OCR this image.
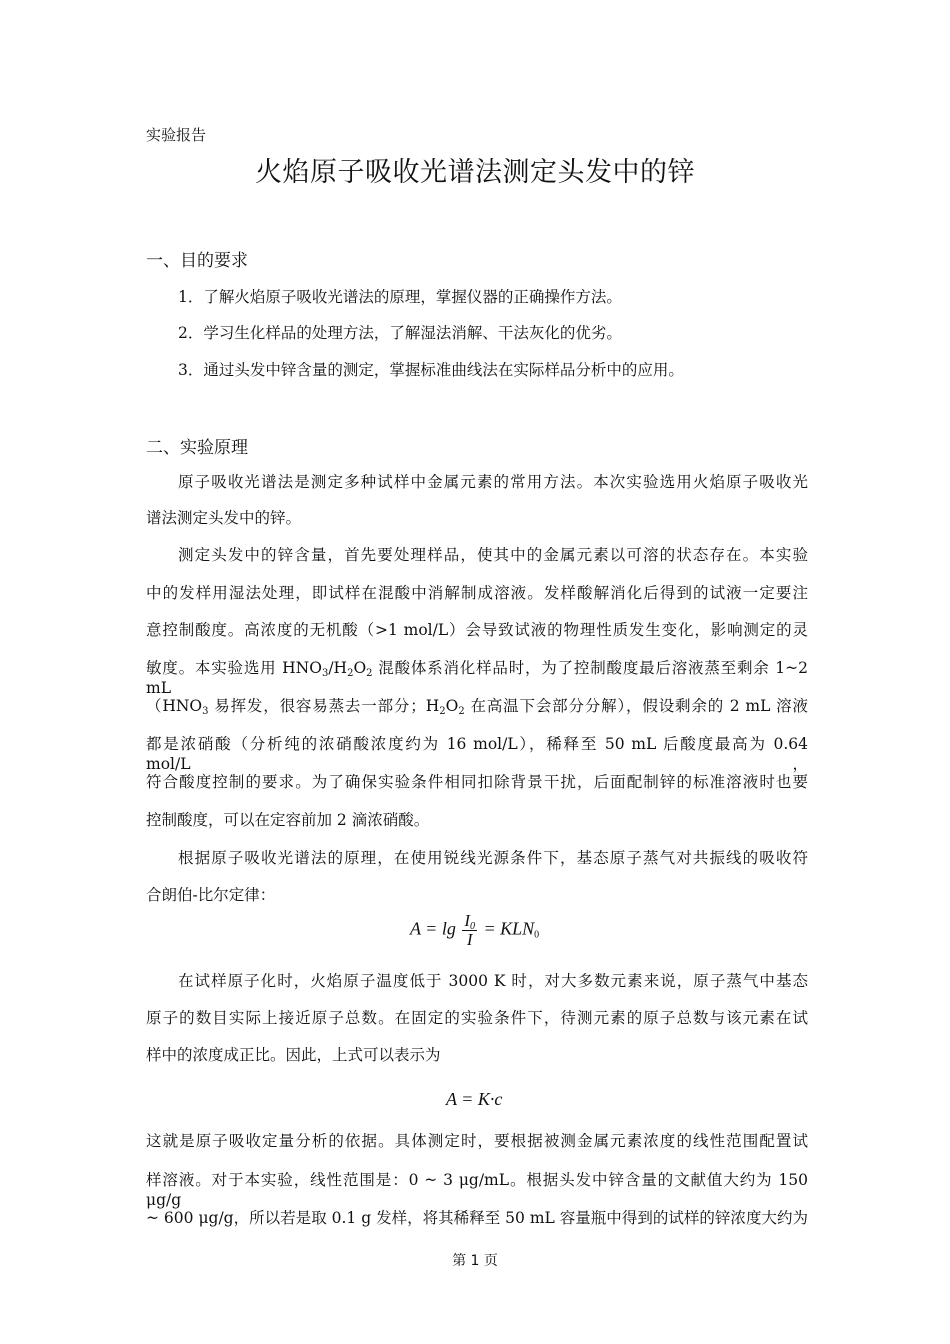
实验报告
火焰原子吸收光谱法测定头发中的锌
一、目的要求
1．了解火焰原子吸收光谱法的原理，掌握仪器的正确操作方法。
2．学习生化样品的处理方法，了解湿法消解、干法灰化的优劣。
3．通过头发中锌含量的测定，掌握标准曲线法在实际样品分析中的应用。
二、实验原理
原子吸收光谱法是测定多种试样中金属元素的常用方法。本次实验选用火焰原子吸收光
谱法测定头发中的锌。
测定头发中的锌含量，首先要处理样品，使其中的金属元素以可溶的状态存在。本实验
中的发样用湿法处理，即试样在混酸中消解制成溶液。发样酸解消化后得到的试液一定要注
意控制酸度。高浓度的无机酸（>1 mol/L）会导致试液的物理性质发生变化，影响测定的灵
敏度。本实验选用 $HNO_3/H_2O_2$ 混酸体系消化样品时，为了控制酸度最后溶液蒸至剩余 1~2 mL
（$HNO_3$ 易挥发，很容易蒸去一部分；$H_2O_2$ 在高温下会部分分解），假设剩余的 2 mL 溶液
都是浓硝酸（分析纯的浓硝酸浓度约为 16 mol/L），稀释至 50 mL 后酸度最高为 0.64 mol/L，
符合酸度控制的要求。为了确保实验条件相同扣除背景干扰，后面配制锌的标准溶液时也要
控制酸度，可以在定容前加 2 滴浓硝酸。
根据原子吸收光谱法的原理，在使用锐线光源条件下，基态原子蒸气对共振线的吸收符
合朗伯-比尔定律：
$A = \lg \frac{I_0}{I} = KLN_0$
在试样原子化时，火焰原子温度低于 3000 K 时，对大多数元素来说，原子蒸气中基态
原子的数目实际上接近原子总数。在固定的实验条件下，待测元素的原子总数与该元素在试
样中的浓度成正比。因此，上式可以表示为
A = K·c
这就是原子吸收定量分析的依据。具体测定时，要根据被测金属元素浓度的线性范围配置试
样溶液。对于本实验，线性范围是：0 ~ 3 μg/mL。根据头发中锌含量的文献值大约为 150 μg/g
~ 600 μg/g，所以若是取 0.1 g 发样，将其稀释至 50 mL 容量瓶中得到的试样的锌浓度大约为
第 1 页
